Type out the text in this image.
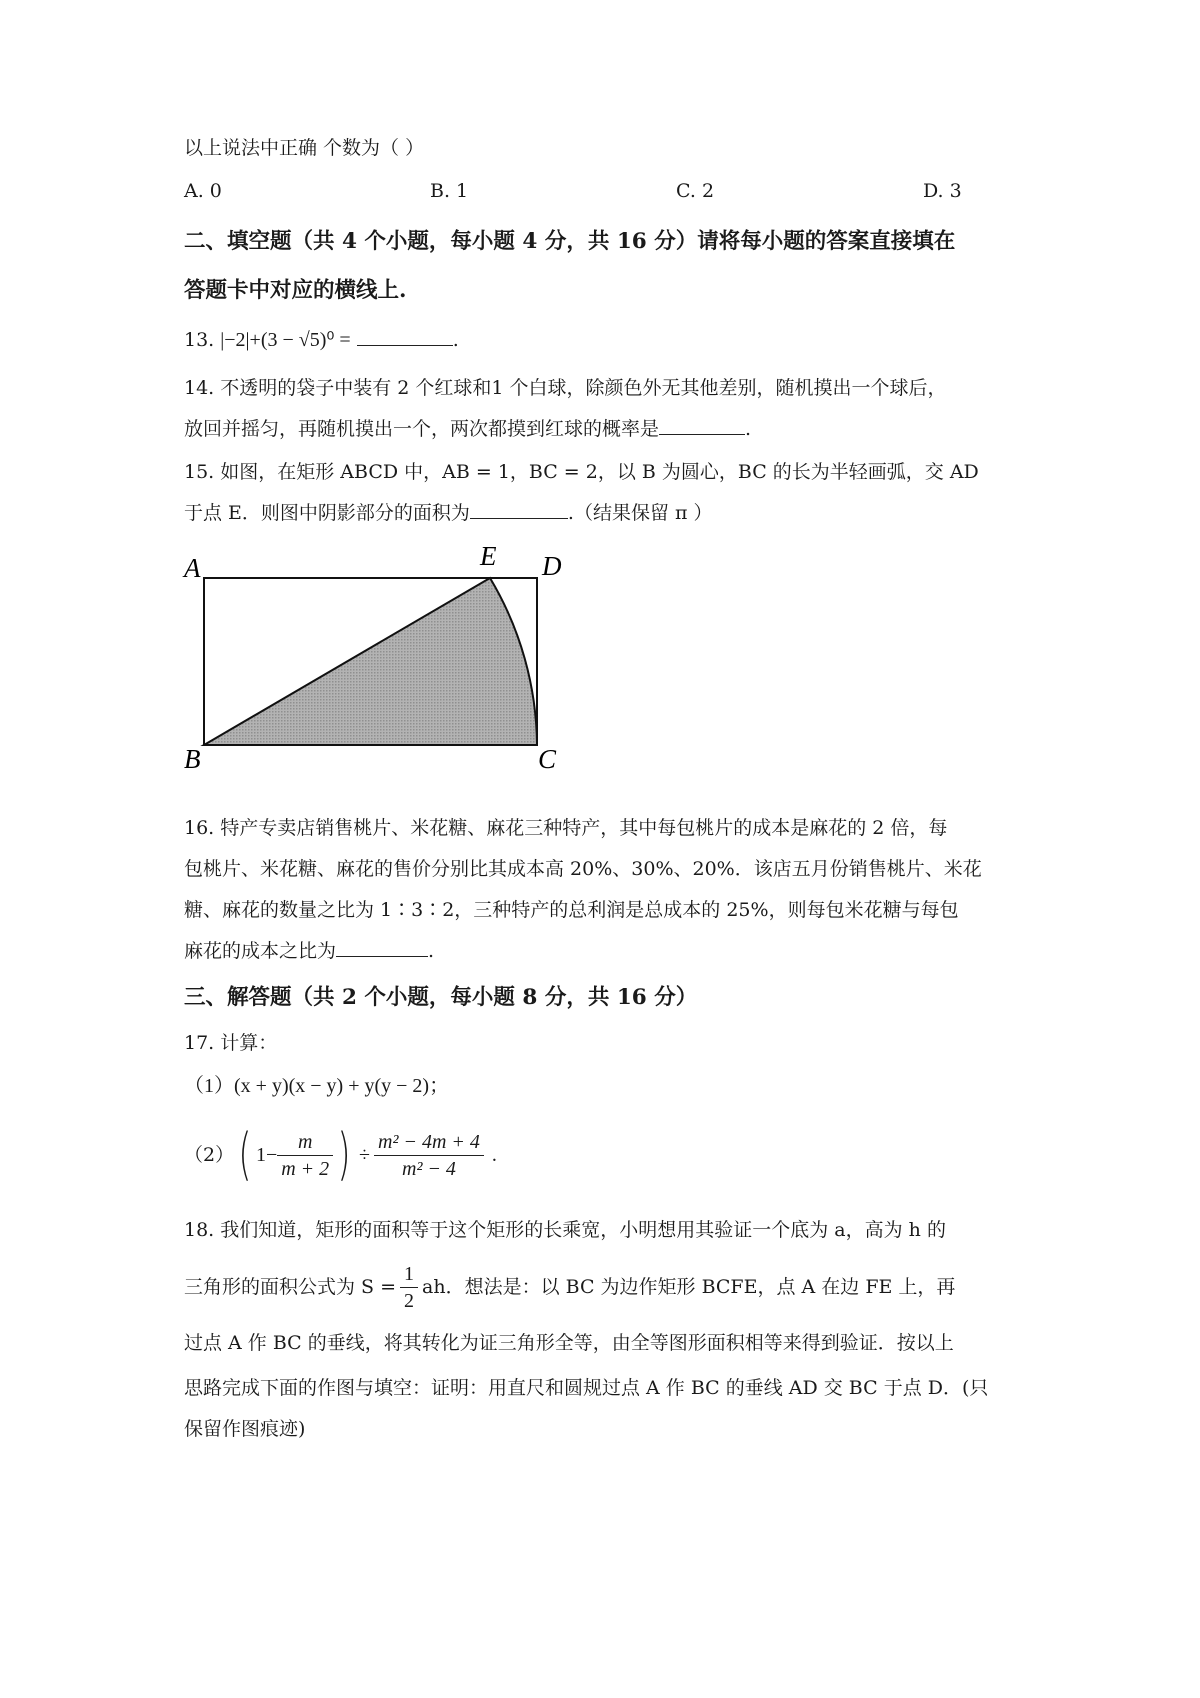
以上说法中正确 个数为（ ）
A. 0	B. 1	C. 2	D. 3
二、填空题（共 4 个小题，每小题 4 分，共 16 分）请将每小题的答案直接填在
答题卡中对应的横线上.
13. |−2|+(3 − √5)⁰ =	.
14. 不透明的袋子中装有 2 个红球和1 个白球，除颜色外无其他差别，随机摸出一个球后，
放回并摇匀，再随机摸出一个，两次都摸到红球的概率是	.
15. 如图，在矩形 ABCD 中，AB = 1，BC = 2，以 B 为圆心，BC 的长为半轻画弧，交 AD
于点 E．则图中阴影部分的面积为	.（结果保留 π ）
A	E D
B	C
16. 特产专卖店销售桃片、米花糖、麻花三种特产，其中每包桃片的成本是麻花的 2 倍，每
包桃片、米花糖、麻花的售价分别比其成本高 20%、30%、20%．该店五月份销售桃片、米花
糖、麻花的数量之比为 1∶3∶2，三种特产的总利润是总成本的 25%，则每包米花糖与每包
麻花的成本之比为	.
三、解答题（共 2 个小题，每小题 8 分，共 16 分）
17. 计算：
（1）(x + y)(x − y) + y(y − 2)；
（2） ( $1- \frac{m}{m + 2}$ ) ÷ $\frac{\text{m² − 4m + 4}}{\text{m² − 4}}$ .
18. 我们知道，矩形的面积等于这个矩形的长乘宽，小明想用其验证一个底为 a，高为 h 的
三角形的面积公式为 $S = \frac{1}{2}$ ah．想法是：以 BC 为边作矩形 BCFE，点 A 在边 FE 上，再
过点 A 作 BC 的垂线，将其转化为证三角形全等，由全等图形面积相等来得到验证．按以上
思路完成下面的作图与填空：证明：用直尺和圆规过点 A 作 BC 的垂线 AD 交 BC 于点 D．(只
保留作图痕迹)
